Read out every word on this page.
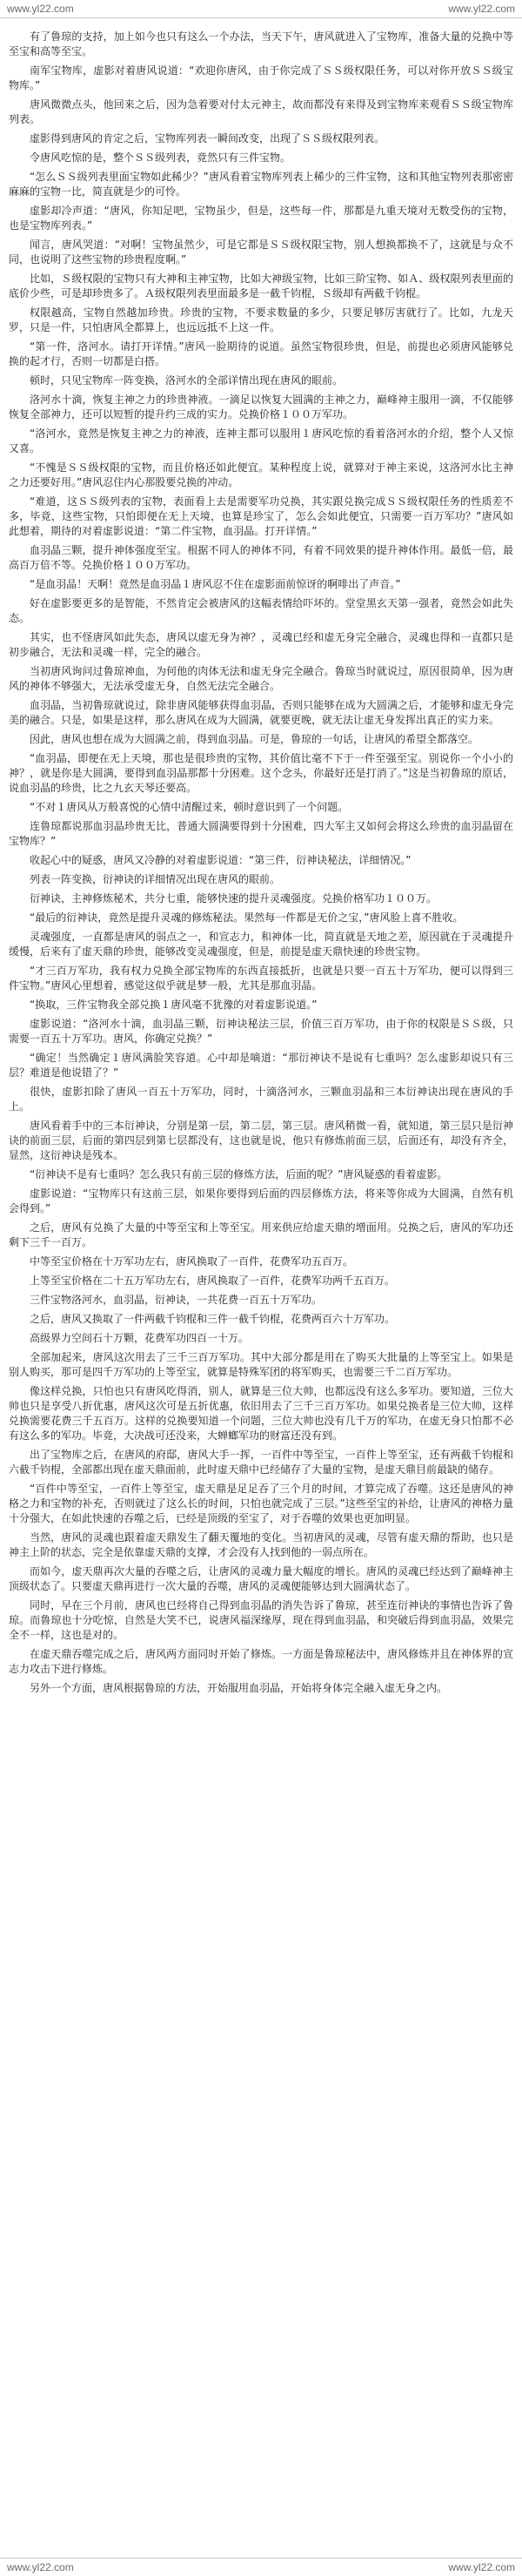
www.yl22.com	www.yl22.com

有了鲁琼的支持，加上如今也只有这么一个办法，当天下午，唐风就进入了宝物库，准备大量的兑换中等至宝和高等至宝。

南军宝物库，虚影对着唐风说道：“欢迎你唐风，由于你完成了ＳＳ级权限任务，可以对你开放ＳＳ级宝物库。”

唐风微微点头，他回来之后，因为急着要对付太元神主，故而都没有来得及到宝物库来观看ＳＳ级宝物库列表。

虚影得到唐风的肯定之后，宝物库列表一瞬间改变，出现了ＳＳ级权限列表。

令唐风吃惊的是，整个ＳＳ级列表，竟然只有三件宝物。

“怎么ＳＳ级列表里面宝物如此稀少？”唐风看着宝物库列表上稀少的三件宝物，这和其他宝物列表那密密麻麻的宝物一比，简直就是少的可怜。

虚影却冷声道：“唐风，你知足吧，宝物虽少，但是，这些每一件，那都是九重天境对无数受伤的宝物，也是宝物库列表。”

闻言，唐风哭道：“对啊！宝物虽然少，可是它都是ＳＳ级权限宝物，别人想换都换不了，这就是与众不同，也说明了这些宝物的珍贵程度啊。”

比如，Ｓ级权限的宝物只有大神和主神宝物，比如大神级宝物，比如三阶宝物、如Ａ、级权限列表里面的底价少些，可是却珍贵多了。Ａ级权限列表里面最多是一截千钧棍，Ｓ级却有两截千钧棍。

权限越高，宝物自然越加珍贵。珍贵的宝物，不要求数量的多少，只要足够厉害就行了。比如，九龙天罗，只是一件，只怕唐风全都算上，也远远抵不上这一件。

“第一件，洛河水。请打开详情。”唐风一脸期待的说道。虽然宝物很珍贵，但是，前提也必须唐风能够兑换的起才行，否则一切都是白搭。

顿时，只见宝物库一阵变换，洛河水的全部详情出现在唐风的眼前。

洛河水十滴，恢复主神之力的珍贵神液。一滴足以恢复大圆满的主神之力，巅峰神主服用一滴，不仅能够恢复全部神力，还可以短暂的提升约三成的实力。兑换价格１００万军功。

“洛河水，竟然是恢复主神之力的神液，连神主都可以服用１唐风吃惊的看着洛河水的介绍，整个人又惊又喜。

“不愧是ＳＳ级权限的宝物，而且价格还如此便宜。某种程度上说，就算对于神主来说，这洛河水比主神之力还要好用。”唐风忍住内心那股要兑换的冲动。

“难道，这ＳＳ级列表的宝物，表面看上去是需要军功兑换，其实跟兑换完成ＳＳ级权限任务的性质差不多，毕竟，这些宝物，只怕即便在无上天境，也算是珍宝了，怎么会如此便宜，只需要一百万军功？”唐风如此想着，期待的对着虚影说道：“第二件宝物，血羽晶。打开详情。”

血羽晶三颗，提升神体强度至宝。根据不同人的神体不同，有着不同效果的提升神体作用。最低一倍，最高百万倍不等。兑换价格１００万军功。

“是血羽晶！天啊！竟然是血羽晶１唐风忍不住在虚影面前惊讶的啊啡出了声音。”

好在虚影要更多的是智能，不然肯定会被唐风的这幅表情给吓坏的。堂堂黑玄天第一强者，竟然会如此失态。

其实，也不怪唐风如此失态，唐风以虚无身为神？，灵魂已经和虚无身完全融合，灵魂也得和一直都只是初步融合，无法和灵魂一样，完全的融合。

当初唐风询问过鲁琼神血，为何他的肉体无法和虚无身完全融合。鲁琼当时就说过，原因很简单，因为唐风的神体不够强大，无法承受虚无身，自然无法完全融合。

血羽晶，当初鲁琼就说过，除非唐风能够获得血羽晶，否则只能够在成为大圆满之后，才能够和虚无身完美的融合。只是，如果是这样，那么唐风在成为大圆满，就要更晚，就无法让虚无身发挥出真正的实力来。

因此，唐风也想在成为大圆满之前，得到血羽晶。可是，鲁琼的一句话，让唐风的希望全都落空。

“血羽晶，即便在无上天境，那也是很珍贵的宝物，其价值比毫不下于一件至强至宝。别说你一个小小的神？，就是你是大圆满，要得到血羽晶那都十分困难。这个念头，你最好还是打消了。”这是当初鲁琼的原话，说血羽晶的珍贵，比之九玄天琴还要高。

“不对１唐风从万般喜悦的心情中清醒过来，顿时意识到了一个问题。

连鲁琼都说那血羽晶珍贵无比，普通大圆满要得到十分困难，四大军主又如何会将这么珍贵的血羽晶留在宝物库？”

收起心中的疑惑，唐风又冷静的对着虚影说道：“第三件，衍神诀秘法，详细情况。”

列表一阵变换，衍神诀的详细情况出现在唐风的眼前。

衍神诀，主神修炼秘术，共分七重，能够快速的提升灵魂强度。兑换价格军功１００万。

“最后的衍神诀，竟然是提升灵魂的修炼秘法。果然每一件都是无价之宝，”唐风脸上喜不胜收。

灵魂强度，一直都是唐风的弱点之一，和宣志力，和神体一比，简直就是天地之差，原因就在于灵魂提升缓慢，后来有了虚天鼎的珍贵，能够改变灵魂强度，但是，前提是虚天鼎快速的珍贵宝物。

“才三百万军功，我有权力兑换全部宝物库的东西直接抵折，也就是只要一百五十万军功，便可以得到三件宝物。”唐风心里想着，感觉这似乎就是梦一般，尤其是那血羽晶。

“换取，三件宝物我全部兑换１唐风毫不犹豫的对着虚影说道。”

虚影说道：“洛河水十滴，血羽晶三颗，衍神诀秘法三层，价值三百万军功，由于你的权限是ＳＳ级，只需要一百五十万军功。唐风，你确定兑换？”

“确定！当然确定１唐风满脸笑容道。心中却是嘀道：“那衍神诀不是说有七重吗？怎么虚影却说只有三层？难道是他说错了？”

很快，虚影扣除了唐风一百五十万军功，同时，十滴洛河水，三颗血羽晶和三本衍神诀出现在唐风的手上。

唐风看着手中的三本衍神诀，分别是第一层，第二层，第三层。唐风稍微一看，就知道，第三层只是衍神诀的前面三层，后面的第四层到第七层都没有，这也就是说，他只有修炼前面三层，后面还有，却没有齐全，显然，这衍神诀是残本。

“衍神诀不是有七重吗？怎么我只有前三层的修炼方法，后面的呢？”唐风疑惑的看着虚影。

虚影说道：“宝物库只有这前三层，如果你要得到后面的四层修炼方法，将来等你成为大圆满，自然有机会得到。”

之后，唐风有兑换了大量的中等至宝和上等至宝。用来供应给虚天鼎的增面用。兑换之后，唐风的军功还剩下三千一百万。

中等至宝价格在十万军功左右，唐风换取了一百件，花费军功五百万。

上等至宝价格在二十五万军功左右，唐风换取了一百件，花费军功两千五百万。

三件宝物洛河水，血羽晶，衍神诀，一共花费一百五十万军功。

之后，唐风又换取了一件两截千钧棍和三件一截千钧棍，花费两百六十万军功。

高级界力空间石十万颗，花费军功四百一十万。

全部加起来，唐风这次用去了三千三百万军功。其中大部分都是用在了购买大批量的上等至宝上。如果是别人购买，那可是四千万军功的上等至宝，就算是特殊军团的将军购买，也需要三千二百万军功。

像这样兑换，只怕也只有唐风吃得消，别人，就算是三位大帅，也都远没有这么多军功。要知道，三位大帅也只是享受八折优惠，唐风这次可是五折优惠，依旧用去了三千三百万军功。如果兑换者是三位大帅，这样兑换需要花费三千五百万。这样的兑换要知道一个问题，三位大帅也没有几千万的军功，在虚无身只怕都不必有这么多的军功。毕竟，大决战可还没来，大蝉螂军功的财富还没有到。

出了宝物库之后，在唐风的府邸，唐风大手一挥，一百件中等至宝，一百件上等至宝，还有两截千钧棍和六截千钧棍，全部都出现在虚天鼎面前，此时虚天鼎中已经储存了大量的宝物，是虚天鼎目前最缺的储存。

“百件中等至宝，一百件上等至宝，虚天鼎是足足吞了三个月的时间，才算完成了吞噬。这还是唐风的神格之力和宝物的补充，否则就过了这么长的时间，只怕也就完成了三层。”这些至宝的补给，让唐风的神格力量十分强大，在如此快速的吞噬之后，已经是顶级的至宝了，对于吞噬的效果也更加明显。

当然，唐风的灵魂也跟着虚天鼎发生了翻天覆地的变化。当初唐风的灵魂，尽管有虚天鼎的帮助，也只是神主上阶的状态，完全是依靠虚天鼎的支撑，才会没有人找到他的一弱点所在。

而如今，虚天鼎再次大量的吞噬之后，让唐风的灵魂力量大幅度的增长。唐风的灵魂已经达到了巅峰神主顶级状态了。只要虚天鼎再进行一次大量的吞噬，唐风的灵魂便能够达到大圆满状态了。

同时，早在三个月前，唐风也已经将自己得到血羽晶的消失告诉了鲁琼，甚至连衍神诀的事情也告诉了鲁琼。而鲁琼也十分吃惊，自然是大笑不已，说唐风福深缘厚，现在得到血羽晶，和突破后得到血羽晶，效果完全不一样，这也是对的。

在虚天鼎吞噬完成之后，唐风两方面同时开始了修炼。一方面是鲁琼秘法中，唐风修炼并且在神体界的宣志力攻击下进行修炼。

另外一个方面，唐风根据鲁琼的方法，开始服用血羽晶，开始将身体完全融入虚无身之内。

www.yl22.com	www.yl22.com
